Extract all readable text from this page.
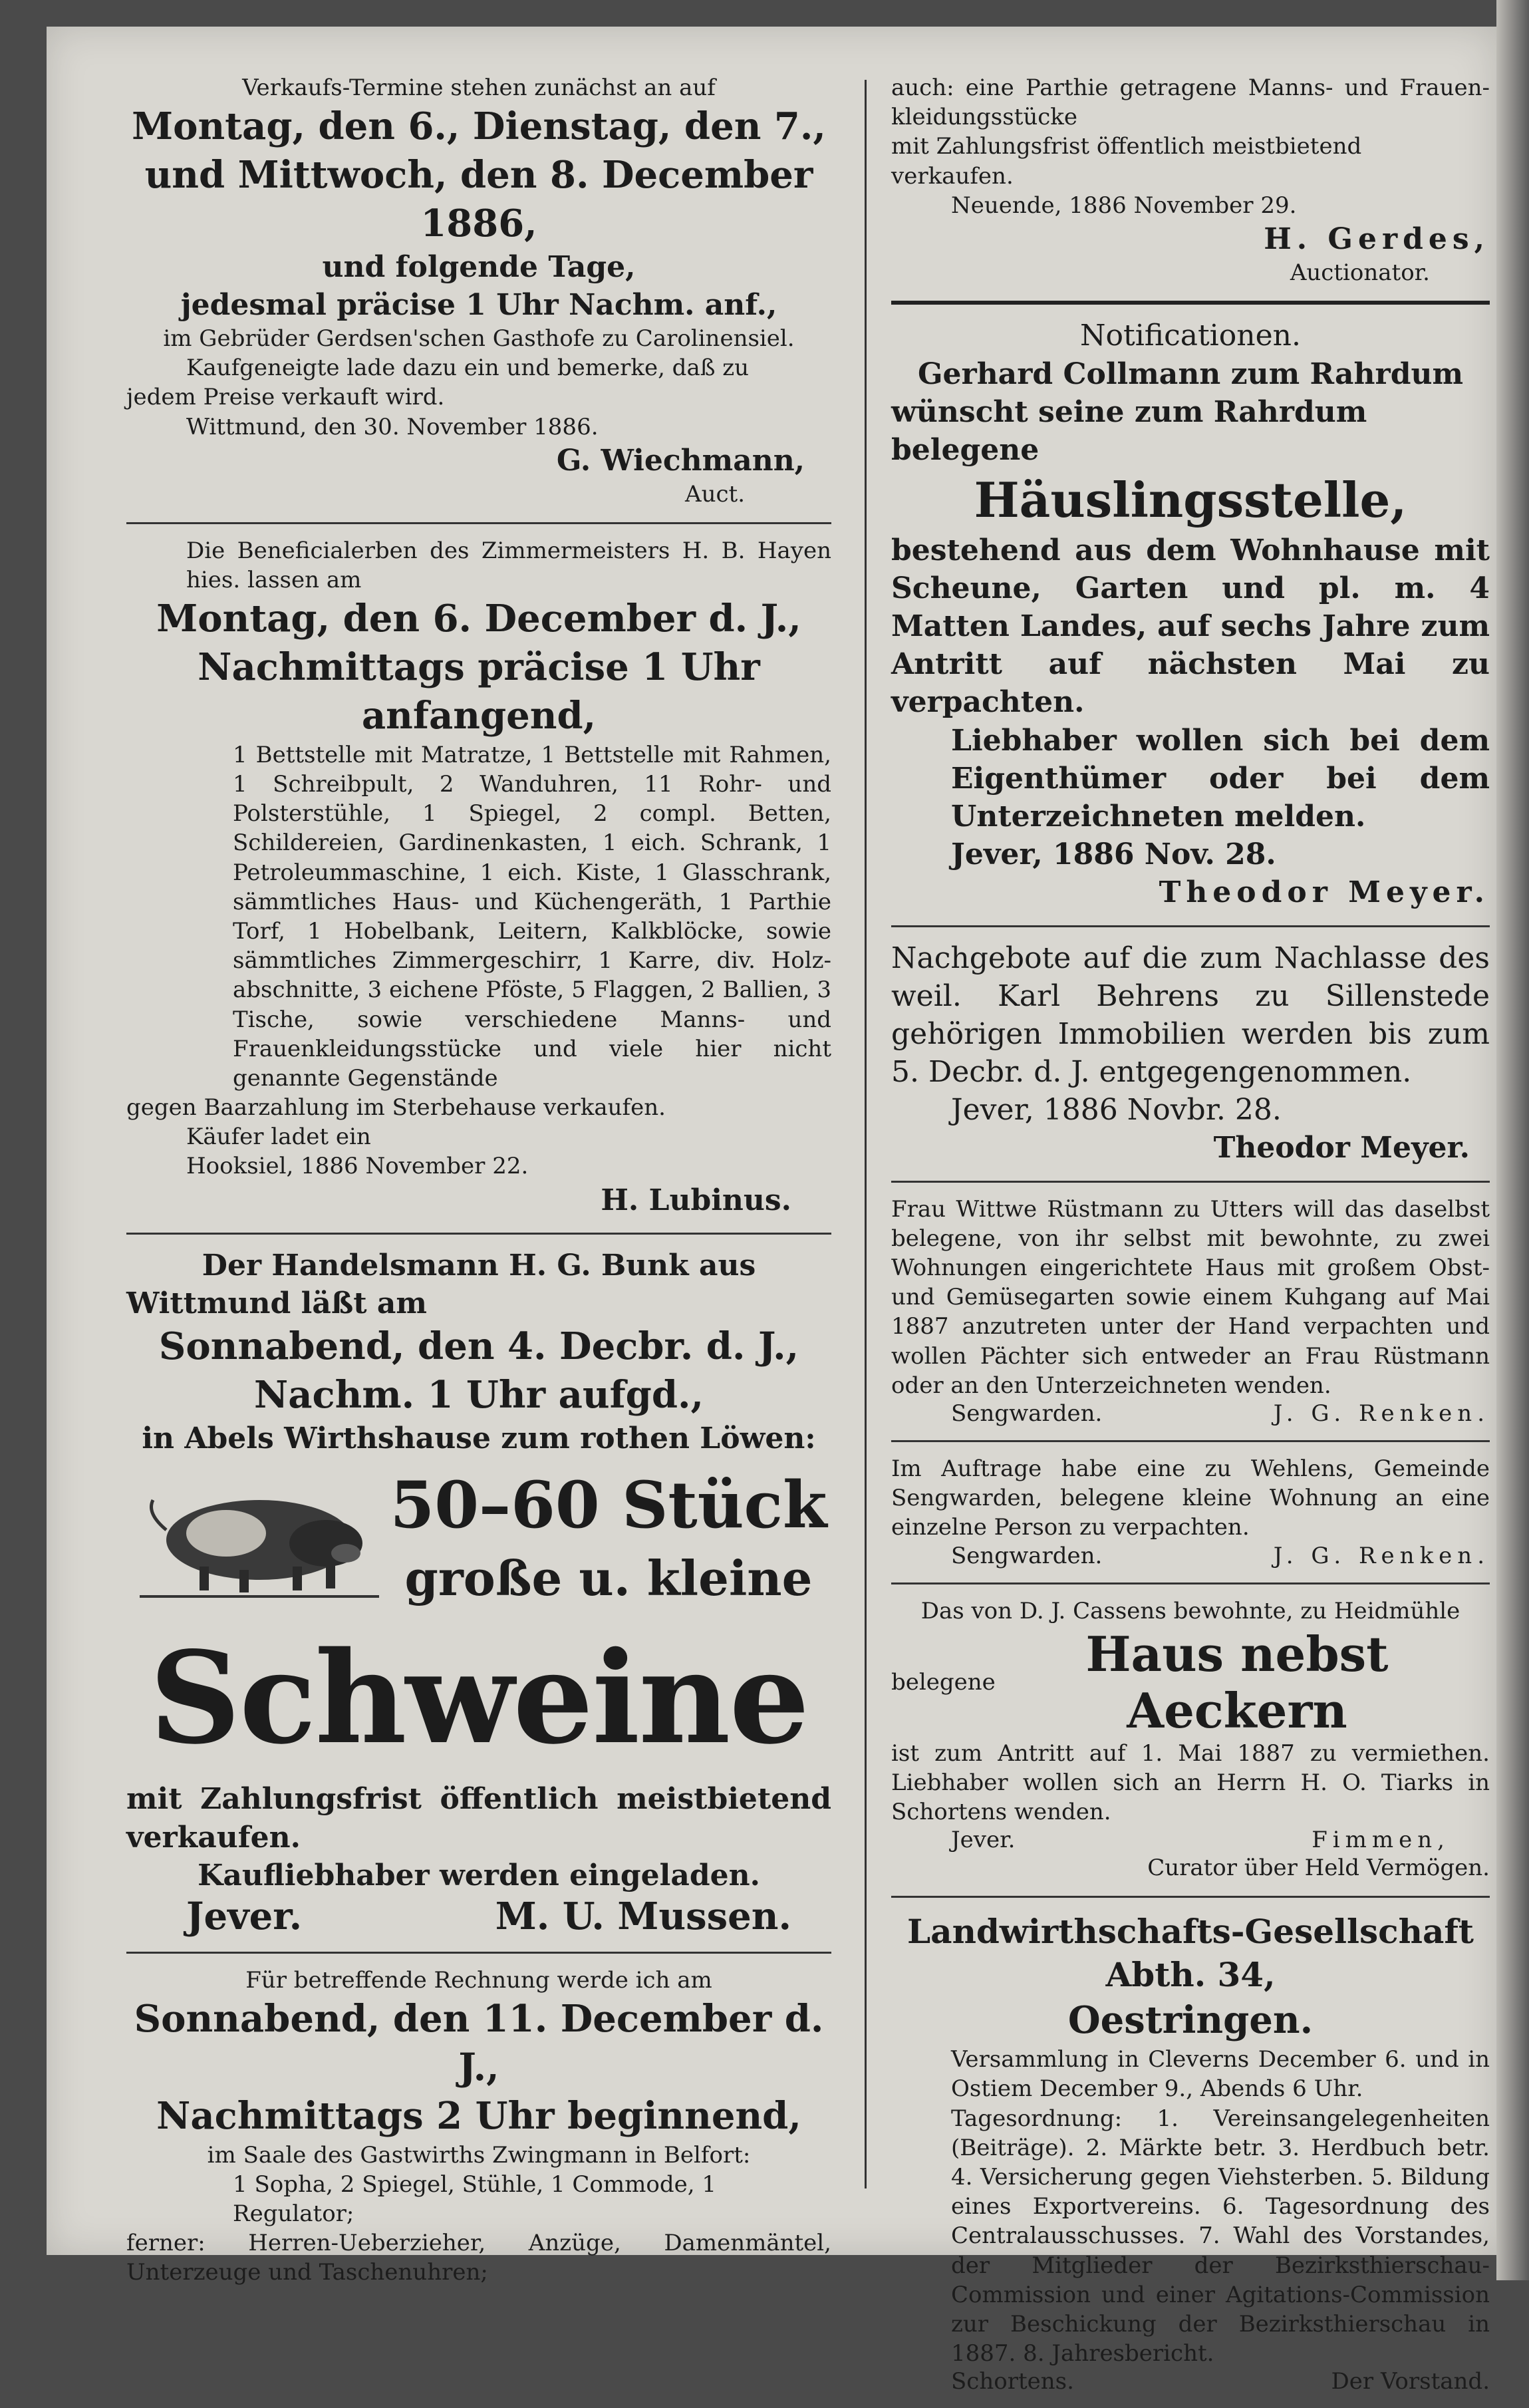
Verkaufs-Termine stehen zunächst an auf

Montag, den 6., Dienstag, den 7.,

und Mittwoch, den 8. December 1886,

und folgende Tage,

jedesmal präcise 1 Uhr Nachm. anf.,

im Gebrüder Gerdsen'schen Gasthofe zu Carolinensiel.

Kaufgeneigte lade dazu ein und bemerke, daß zu

jedem Preise verkauft wird.

Wittmund, den 30. November 1886.

G. Wiechmann,

Auct.

Die Beneficialerben des Zimmermeisters H. B. Hayen hies. lassen am

Montag, den 6. December d. J.,

Nachmittags präcise 1 Uhr anfangend,

1 Bettstelle mit Matratze, 1 Bettstelle mit Rahmen, 1 Schreibpult, 2 Wanduhren, 11 Rohr- und Polsterstühle, 1 Spiegel, 2 compl. Betten, Schildereien, Gardinenkasten, 1 eich. Schrank, 1 Petroleummaschine, 1 eich. Kiste, 1 Glasschrank, sämmtliches Haus- und Küchengeräth, 1 Parthie Torf, 1 Hobelbank, Leitern, Kalkblöcke, sowie sämmtliches Zimmergeschirr, 1 Karre, div. Holz-abschnitte, 3 eichene Pföste, 5 Flaggen, 2 Ballien, 3 Tische, sowie verschiedene Manns- und Frauenkleidungsstücke und viele hier nicht genannte Gegenstände

gegen Baarzahlung im Sterbehause verkaufen.

Käufer ladet ein

Hooksiel, 1886 November 22.

H. Lubinus.

Der Handelsmann H. G. Bunk aus

Wittmund läßt am

Sonnabend, den 4. Decbr. d. J.,

Nachm. 1 Uhr aufgd.,

in Abels Wirthshause zum rothen Löwen:

50–60 Stück

große u. kleine

Schweine

mit Zahlungsfrist öffentlich meistbietend verkaufen.

Kaufliebhaber werden eingeladen.

Jever.	M. U. Mussen.

Für betreffende Rechnung werde ich am

Sonnabend, den 11. December d. J.,

Nachmittags 2 Uhr beginnend,

im Saale des Gastwirths Zwingmann in Belfort:

1 Sopha, 2 Spiegel, Stühle, 1 Commode, 1 Regulator;

ferner: Herren-Ueberzieher, Anzüge, Damenmäntel, Unterzeuge und Taschenuhren;

auch: eine Parthie getragene Manns- und Frauen-kleidungsstücke

mit Zahlungsfrist öffentlich meistbietend verkaufen.

Neuende, 1886 November 29.

H. Gerdes,

Auctionator.

Notificationen.

Gerhard Collmann zum Rahrdum

wünscht seine zum Rahrdum belegene

Häuslingsstelle,

bestehend aus dem Wohnhause mit Scheune, Garten und pl. m. 4 Matten Landes, auf sechs Jahre zum Antritt auf nächsten Mai zu verpachten.

Liebhaber wollen sich bei dem Eigenthümer oder bei dem Unterzeichneten melden.

Jever, 1886 Nov. 28.

Theodor Meyer.

Nachgebote auf die zum Nachlasse des weil. Karl Behrens zu Sillenstede gehörigen Immobilien werden bis zum 5. Decbr. d. J. entgegengenommen.

Jever, 1886 Novbr. 28.

Theodor Meyer.

Frau Wittwe Rüstmann zu Utters will das daselbst belegene, von ihr selbst mit bewohnte, zu zwei Wohnungen eingerichtete Haus mit großem Obst- und Gemüsegarten sowie einem Kuhgang auf Mai 1887 anzutreten unter der Hand verpachten und wollen Pächter sich entweder an Frau Rüstmann oder an den Unterzeichneten wenden.

Sengwarden.	J. G. Renken.

Im Auftrage habe eine zu Wehlens, Gemeinde Sengwarden, belegene kleine Wohnung an eine einzelne Person zu verpachten.

Sengwarden.	J. G. Renken.

Das von D. J. Cassens bewohnte, zu Heidmühle

belegene	Haus nebst Aeckern

ist zum Antritt auf 1. Mai 1887 zu vermiethen. Liebhaber wollen sich an Herrn H. O. Tiarks in Schortens wenden.

Jever.	Fimmen,

Curator über Held Vermögen.

Landwirthschafts-Gesellschaft Abth. 34,

Oestringen.

Versammlung in Cleverns December 6. und in Ostiem December 9., Abends 6 Uhr.

Tagesordnung: 1. Vereinsangelegenheiten (Beiträge). 2. Märkte betr. 3. Herdbuch betr. 4. Versicherung gegen Viehsterben. 5. Bildung eines Exportvereins. 6. Tagesordnung des Centralausschusses. 7. Wahl des Vorstandes, der Mitglieder der Bezirksthierschau-Commission und einer Agitations-Commission zur Beschickung der Bezirksthierschau in 1887. 8. Jahresbericht.

Schortens.	Der Vorstand.
